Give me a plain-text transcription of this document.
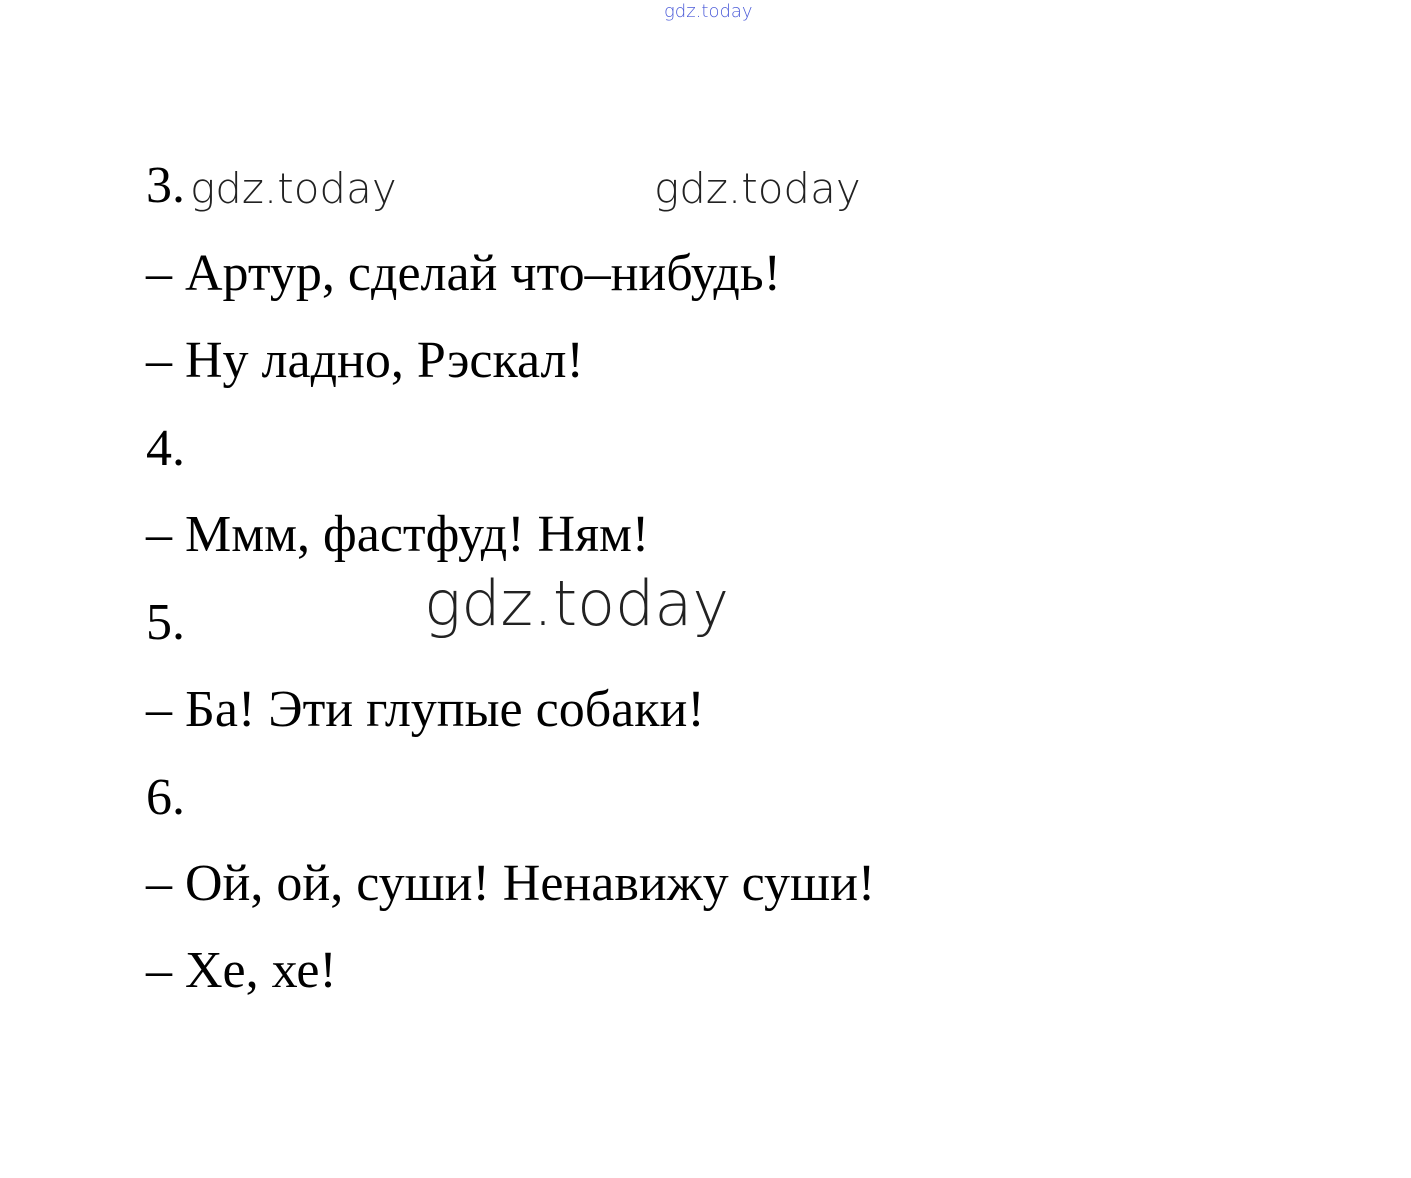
gdz.today
3. gdz.today	gdz.today
– Артур, сделай что–нибудь!
– Ну ладно, Рэскал!
4.
– Ммм, фастфуд! Ням!
gdz.today
5.
– Ба! Эти глупые собаки!
6.
– Ой, ой, суши! Ненавижу суши!
– Хе, хе!
